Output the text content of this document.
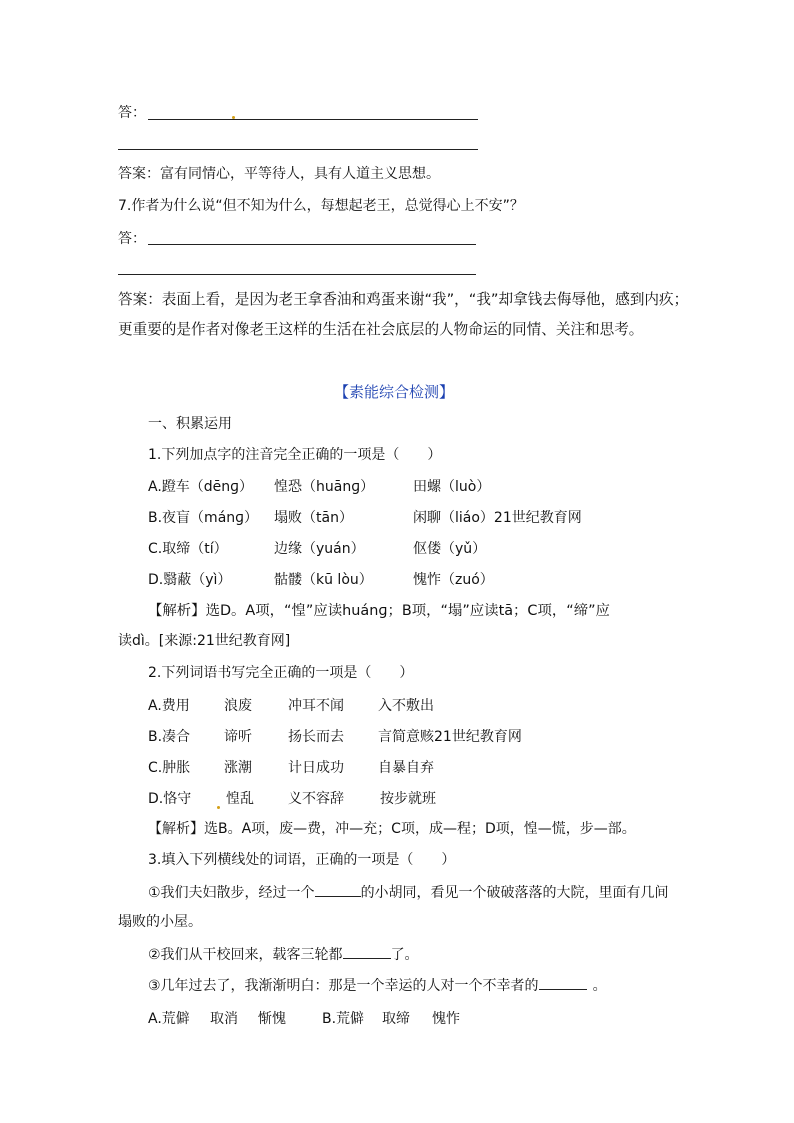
答：
答案：富有同情心，平等待人，具有人道主义思想。
7.作者为什么说“但不知为什么，每想起老王，总觉得心上不安”？
答：
答案：表面上看，是因为老王拿香油和鸡蛋来谢“我”，“我”却拿钱去侮辱他，感到内疚；
更重要的是作者对像老王这样的生活在社会底层的人物命运的同情、关注和思考。
【素能综合检测】
一、积累运用
1.下列加点字的注音完全正确的一项是（　　）
A.蹬车（dēnɡ） 惶恐（huānɡ）	田螺（luò）
B.夜盲（mánɡ） 塌败（tān）	闲聊（liáo）21世纪教育网
C.取缔（tí）	边缘（yuán）	伛偻（yǔ）
D.翳蔽（yì）	骷髅（kū lòu）	愧怍（zuó）
【解析】选D。A项，“惶”应读huánɡ；B项，“塌”应读tā；C项，“缔”应
读dì。[来源:21世纪教育网]
2.下列词语书写完全正确的一项是（　　）
A.费用 浪废	冲耳不闻 入不敷出
B.凑合 谛听	扬长而去 言简意赅21世纪教育网
C.肿胀 涨潮	计日成功 自暴自弃
D.恪守 惶乱 义不容辞	按步就班
【解析】选B。A项，废—费，冲—充；C项，成—程；D项，惶—慌，步—部。
3.填入下列横线处的词语，正确的一项是（　　）
①我们夫妇散步，经过一个	的小胡同，看见一个破破落落的大院，里面有几间
塌败的小屋。
②我们从干校回来，载客三轮都	了。
③几年过去了，我渐渐明白：那是一个幸运的人对一个不幸者的	。
A.荒僻 取消 惭愧	B.荒僻 取缔 愧怍
